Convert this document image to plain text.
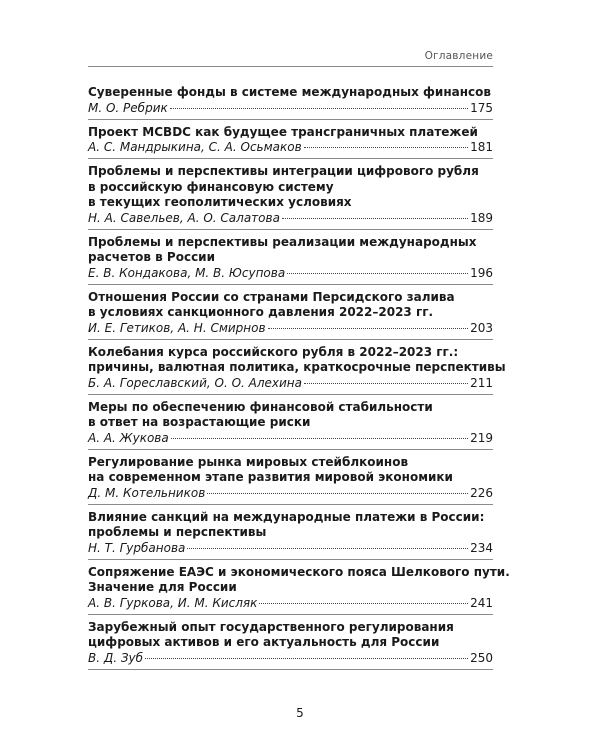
Оглавление
Суверенные фонды в системе международных финансов
М. О. Ребрик	175
Проект MCBDC как будущее трансграничных платежей
А. С. Мандрыкина, С. А. Осьмаков	181
Проблемы и перспективы интеграции цифрового рубля
в российскую финансовую систему
в текущих геополитических условиях
Н. А. Савельев, А. О. Салатова	189
Проблемы и перспективы реализации международных
расчетов в России
Е. В. Кондакова, М. В. Юсупова	196
Отношения России со странами Персидского залива
в условиях санкционного давления 2022–2023 гг.
И. Е. Гетиков, А. Н. Смирнов	203
Колебания курса российского рубля в 2022–2023 гг.:
причины, валютная политика, краткосрочные перспективы
Б. А. Гореславский, О. О. Алехина	211
Меры по обеспечению финансовой стабильности
в ответ на возрастающие риски
А. А. Жукова	219
Регулирование рынка мировых стейблкоинов
на современном этапе развития мировой экономики
Д. М. Котельников	226
Влияние санкций на международные платежи в России:
проблемы и перспективы
Н. Т. Гурбанова	234
Сопряжение ЕАЭС и экономического пояса Шелкового пути.
Значение для России
А. В. Гуркова, И. М. Кисляк	241
Зарубежный опыт государственного регулирования
цифровых активов и его актуальность для России
В. Д. Зуб	250
5
